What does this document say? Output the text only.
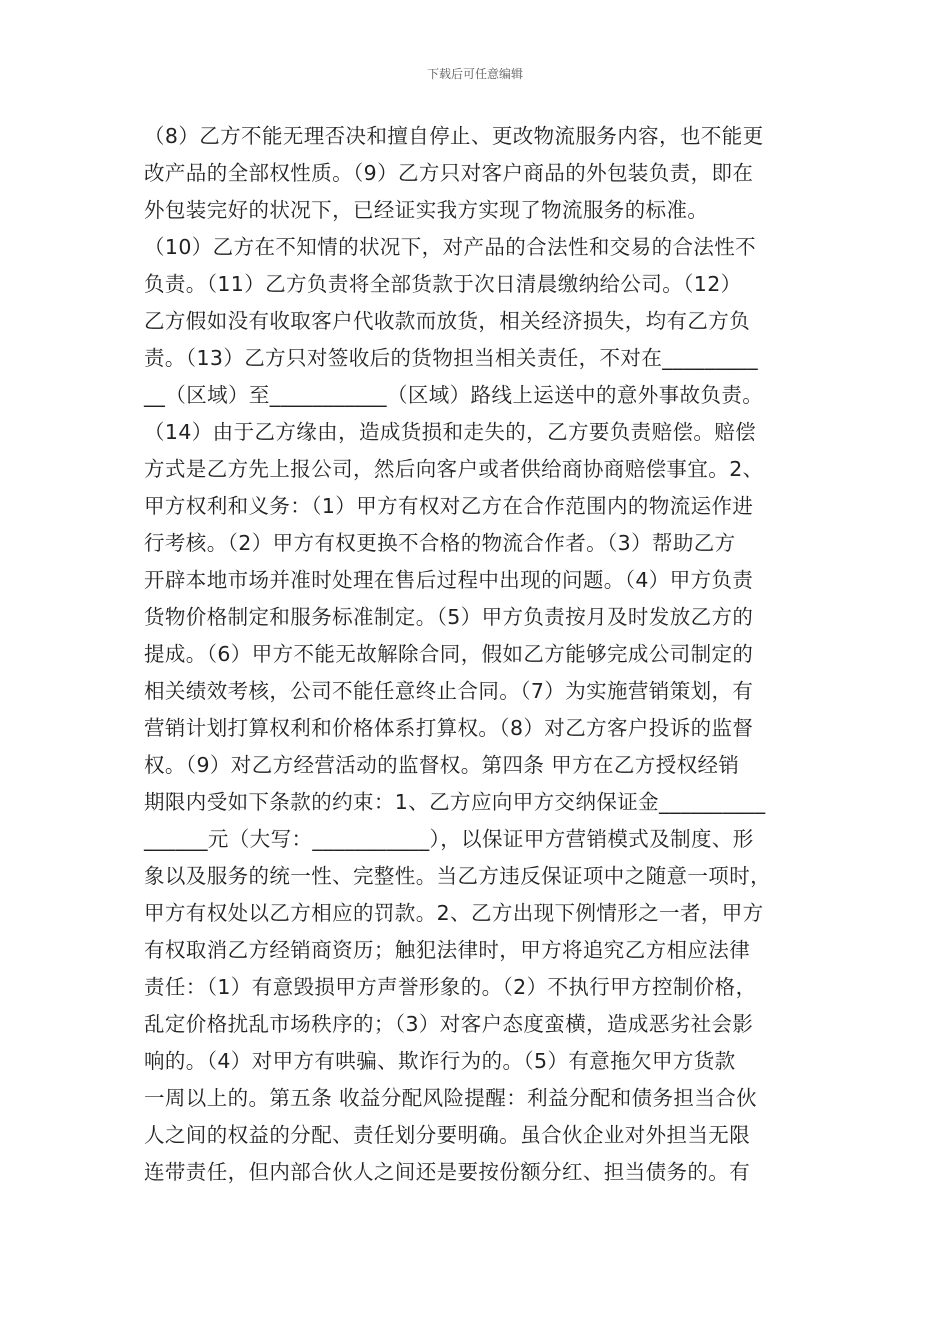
下载后可任意编辑
（8）乙方不能无理否决和擅自停止、更改物流服务内容，也不能更
改产品的全部权性质。（9）乙方只对客户商品的外包装负责，即在
外包装完好的状况下，已经证实我方实现了物流服务的标准。
（10）乙方在不知情的状况下，对产品的合法性和交易的合法性不
负责。（11）乙方负责将全部货款于次日清晨缴纳给公司。（12）
乙方假如没有收取客户代收款而放货，相关经济损失，均有乙方负
责。（13）乙方只对签收后的货物担当相关责任，不对在_________
__（区域）至___________（区域）路线上运送中的意外事故负责。
（14）由于乙方缘由，造成货损和走失的，乙方要负责赔偿。赔偿
方式是乙方先上报公司，然后向客户或者供给商协商赔偿事宜。2、
甲方权利和义务：（1）甲方有权对乙方在合作范围内的物流运作进
行考核。（2）甲方有权更换不合格的物流合作者。（3）帮助乙方
开辟本地市场并准时处理在售后过程中出现的问题。（4）甲方负责
货物价格制定和服务标准制定。（5）甲方负责按月及时发放乙方的
提成。（6）甲方不能无故解除合同，假如乙方能够完成公司制定的
相关绩效考核，公司不能任意终止合同。（7）为实施营销策划，有
营销计划打算权利和价格体系打算权。（8）对乙方客户投诉的监督
权。（9）对乙方经营活动的监督权。第四条 甲方在乙方授权经销
期限内受如下条款的约束：1、乙方应向甲方交纳保证金__________
______元（大写：___________），以保证甲方营销模式及制度、形
象以及服务的统一性、完整性。当乙方违反保证项中之随意一项时，
甲方有权处以乙方相应的罚款。2、乙方出现下例情形之一者，甲方
有权取消乙方经销商资历；触犯法律时，甲方将追究乙方相应法律
责任：（1）有意毁损甲方声誉形象的。（2）不执行甲方控制价格，
乱定价格扰乱市场秩序的；（3）对客户态度蛮横，造成恶劣社会影
响的。（4）对甲方有哄骗、欺诈行为的。（5）有意拖欠甲方货款
一周以上的。第五条 收益分配风险提醒：利益分配和债务担当合伙
人之间的权益的分配、责任划分要明确。虽合伙企业对外担当无限
连带责任，但内部合伙人之间还是要按份额分红、担当债务的。有
